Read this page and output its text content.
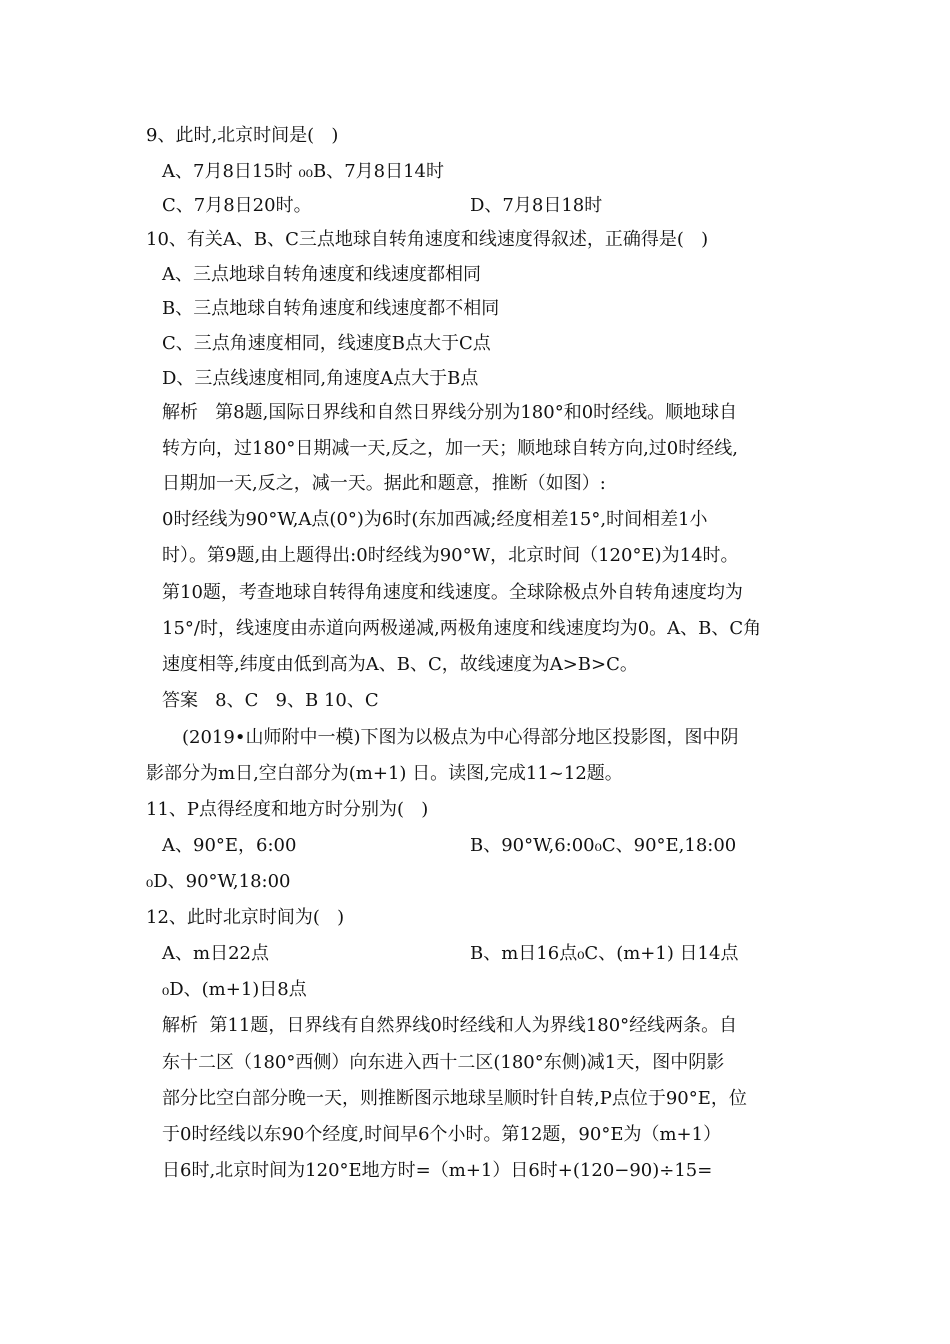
9、此时,北京时间是(   )
A、7月8日15时 ₀₀B、7月8日14时
C、7月8日20时。	D、7月8日18时
10、有关A、B、C三点地球自转角速度和线速度得叙述，正确得是(   )
A、三点地球自转角速度和线速度都相同
B、三点地球自转角速度和线速度都不相同
C、三点角速度相同，线速度B点大于C点
D、三点线速度相同,角速度A点大于B点
解析   第8题,国际日界线和自然日界线分别为180°和0时经线。顺地球自
转方向，过180°日期减一天,反之，加一天；顺地球自转方向,过0时经线,
日期加一天,反之，减一天。据此和题意，推断（如图）:
0时经线为90°W,A点(0°)为6时(东加西减;经度相差15°,时间相差1小
时）。第9题,由上题得出:0时经线为90°W，北京时间（120°E)为14时。
第10题，考查地球自转得角速度和线速度。全球除极点外自转角速度均为
15°/时，线速度由赤道向两极递减,两极角速度和线速度均为0。A、B、C角
速度相等,纬度由低到高为A、B、C，故线速度为A>B>C。
答案   8、C   9、B 10、C
(2019•山师附中一模)下图为以极点为中心得部分地区投影图，图中阴
影部分为m日,空白部分为(m+1) 日。读图,完成11~12题。
11、P点得经度和地方时分别为(   )
A、90°E，6:00	B、90°W,6:00₀C、90°E,18:00
₀D、90°W,18:00
12、此时北京时间为(   )
A、m日22点	B、m日16点₀C、(m+1) 日14点
₀D、(m+1)日8点
解析  第11题，日界线有自然界线0时经线和人为界线180°经线两条。自
东十二区（180°西侧）向东进入西十二区(180°东侧)减1天，图中阴影
部分比空白部分晚一天，则推断图示地球呈顺时针自转,P点位于90°E，位
于0时经线以东90个经度,时间早6个小时。第12题，90°E为（m+1）
日6时,北京时间为120°E地方时=（m+1）日6时+(120−90)÷15=
